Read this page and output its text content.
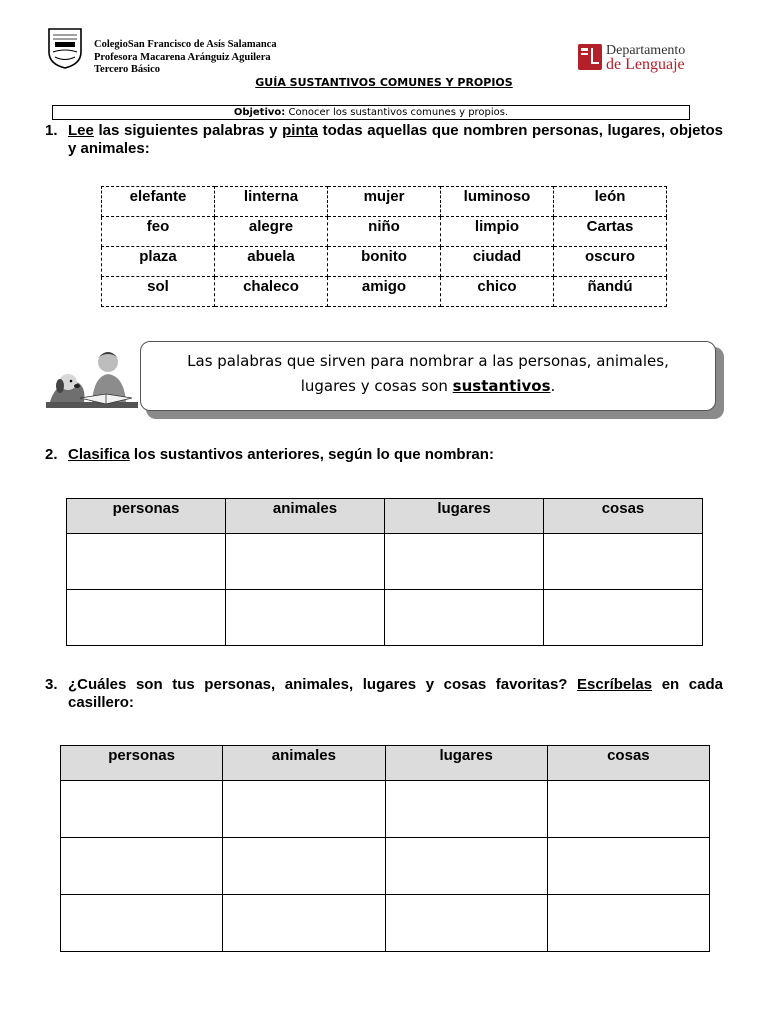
ColegioSan Francisco de Asís Salamanca
Profesora Macarena Aránguiz Aguilera
Tercero Básico
Departamento
de Lenguaje
GUÍA SUSTANTIVOS COMUNES Y PROPIOS
Objetivo: Conocer los sustantivos comunes y propios.
1. Lee las siguientes palabras y pinta todas aquellas que nombren personas, lugares, objetos y animales:
elefante	linterna	mujer	luminoso	león
feo	alegre	niño	limpio	Cartas
plaza	abuela	bonito	ciudad	oscuro
sol	chaleco	amigo	chico	ñandú
Las palabras que sirven para nombrar a las personas, animales,
lugares y cosas son sustantivos.
2. Clasifica los sustantivos anteriores, según lo que nombran:
personas	animales	lugares	cosas

3. ¿Cuáles son tus personas, animales, lugares y cosas favoritas? Escríbelas en cada casillero:
personas	animales	lugares	cosas
